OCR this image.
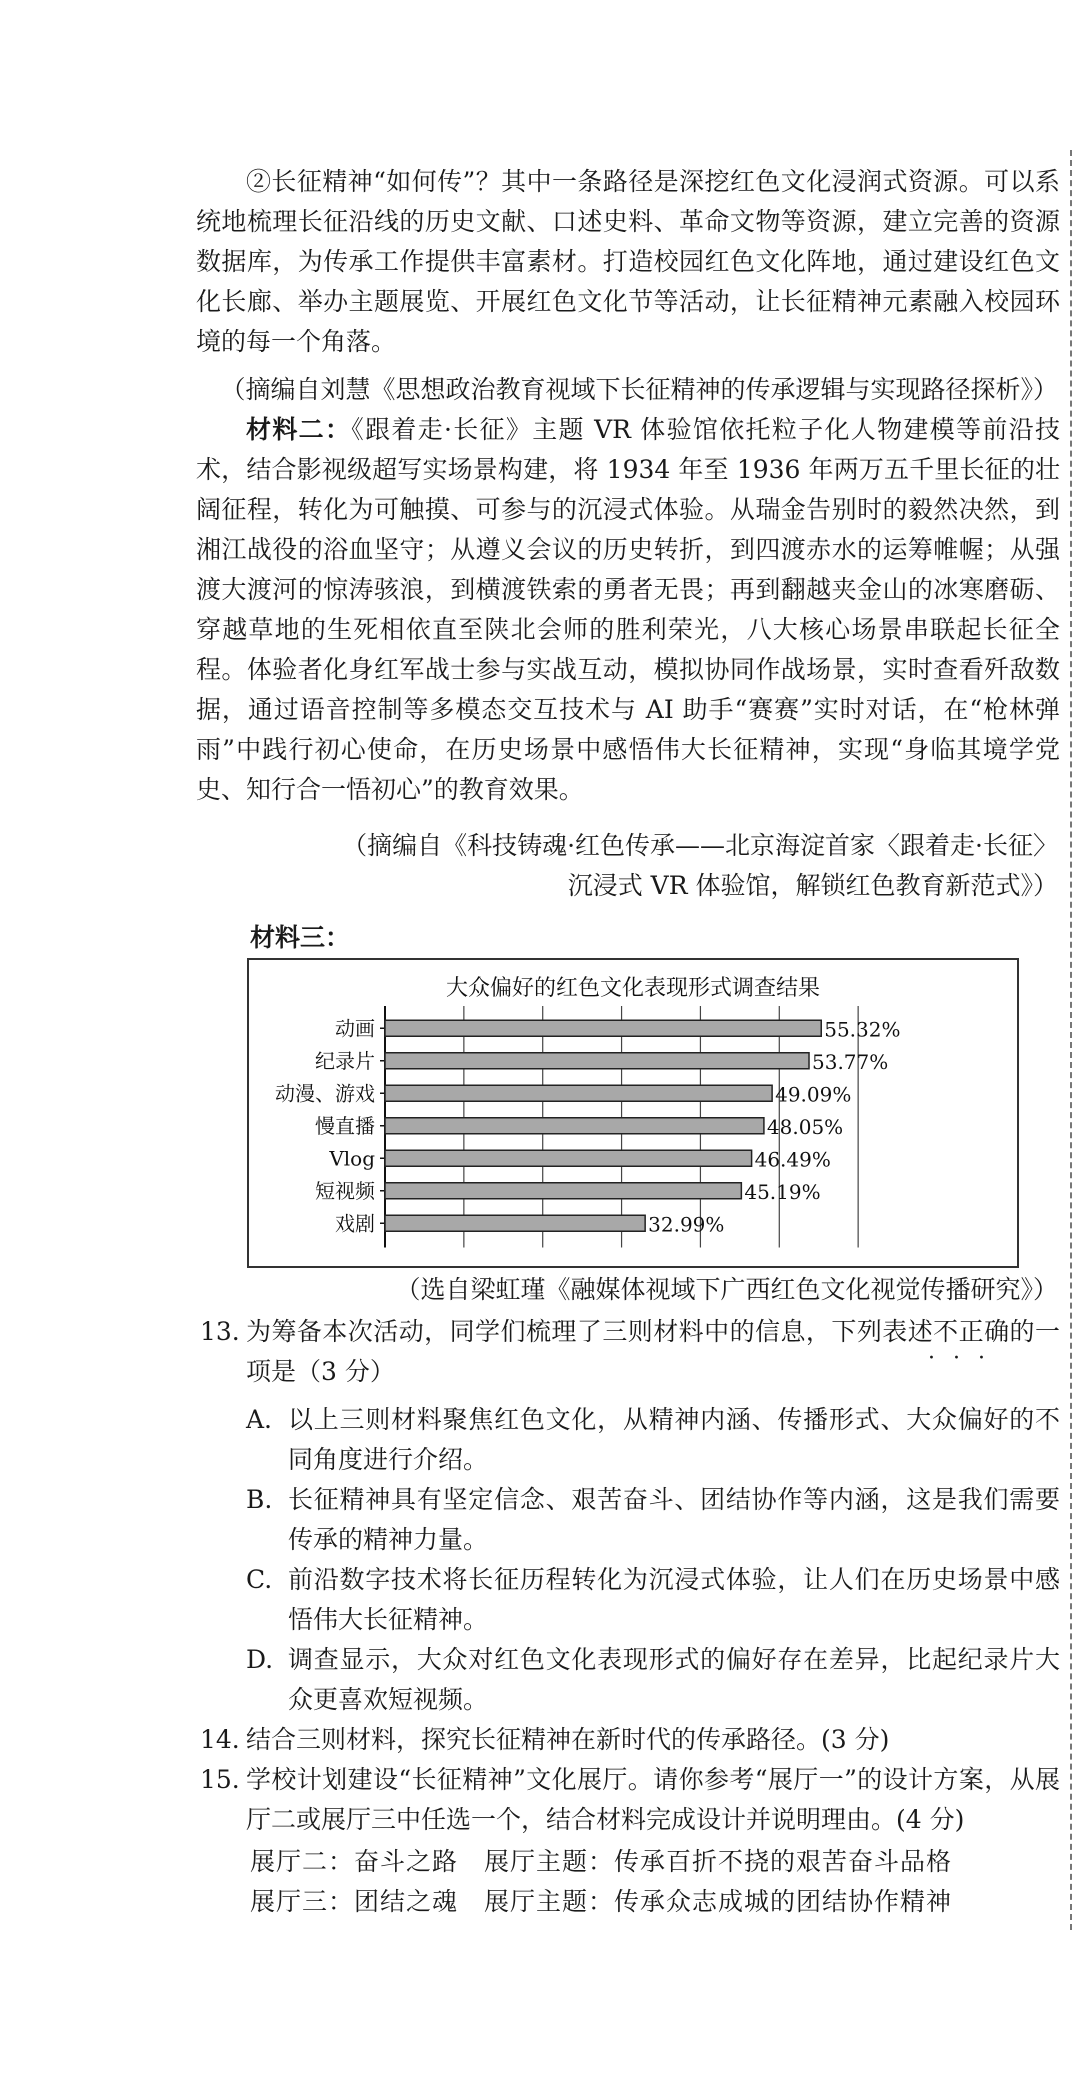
②长征精神“如何传”？其中一条路径是深挖红色文化浸润式资源。可以系统地梳理长征沿线的历史文献、口述史料、革命文物等资源，建立完善的资源数据库，为传承工作提供丰富素材。打造校园红色文化阵地，通过建设红色文化长廊、举办主题展览、开展红色文化节等活动，让长征精神元素融入校园环境的每一个角落。

（摘编自刘慧《思想政治教育视域下长征精神的传承逻辑与实现路径探析》）

材料二：《跟着走·长征》主题 VR 体验馆依托粒子化人物建模等前沿技术，结合影视级超写实场景构建，将 1934 年至 1936 年两万五千里长征的壮阔征程，转化为可触摸、可参与的沉浸式体验。从瑞金告别时的毅然决然，到湘江战役的浴血坚守；从遵义会议的历史转折，到四渡赤水的运筹帷幄；从强渡大渡河的惊涛骇浪，到横渡铁索的勇者无畏；再到翻越夹金山的冰寒磨砺、穿越草地的生死相依直至陕北会师的胜利荣光，八大核心场景串联起长征全程。体验者化身红军战士参与实战互动，模拟协同作战场景，实时查看歼敌数据，通过语音控制等多模态交互技术与 AI 助手“赛赛”实时对话，在“枪林弹雨”中践行初心使命，在历史场景中感悟伟大长征精神，实现“身临其境学党史、知行合一悟初心”的教育效果。

（摘编自《科技铸魂·红色传承——北京海淀首家〈跟着走·长征〉

沉浸式 VR 体验馆，解锁红色教育新范式》）

材料三：
大众偏好的红色文化表现形式调查结果
动画	55.32%
纪录片	53.77%
动漫、游戏	49.09%
慢直播	48.05%
Vlog	46.49%
短视频	45.19%
戏剧	32.99%

（选自梁虹瑾《融媒体视域下广西红色文化视觉传播研究》）

13. 为筹备本次活动，同学们梳理了三则材料中的信息，下列表述不正确的一项是（3 分）	· · ·
A. 以上三则材料聚焦红色文化，从精神内涵、传播形式、大众偏好的不同角度进行介绍。
B. 长征精神具有坚定信念、艰苦奋斗、团结协作等内涵，这是我们需要传承的精神力量。
C. 前沿数字技术将长征历程转化为沉浸式体验，让人们在历史场景中感悟伟大长征精神。
D. 调查显示，大众对红色文化表现形式的偏好存在差异，比起纪录片大众更喜欢短视频。
14. 结合三则材料，探究长征精神在新时代的传承路径。(3 分)
15. 学校计划建设“长征精神”文化展厅。请你参考“展厅一”的设计方案，从展厅二或展厅三中任选一个，结合材料完成设计并说明理由。(4 分)

展厅二：奋斗之路　展厅主题：传承百折不挠的艰苦奋斗品格

展厅三：团结之魂　展厅主题：传承众志成城的团结协作精神
